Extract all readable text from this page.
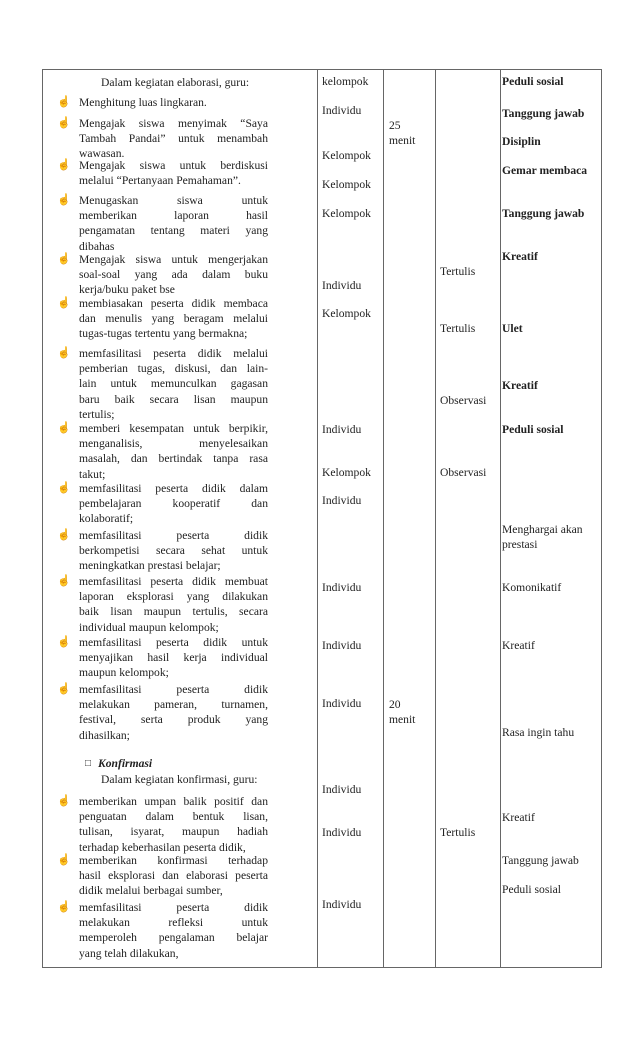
Dalam kegiatan elaborasi, guru:
☝ Menghitung luas lingkaran.
☝ Mengajak siswa menyimak “Saya
Tambah Pandai” untuk menambah
wawasan.
☝ Mengajak siswa untuk berdiskusi
melalui “Pertanyaan Pemahaman”.
☝ Menugaskan siswa untuk
memberikan laporan hasil
pengamatan tentang materi yang
dibahas
☝ Mengajak siswa untuk mengerjakan
soal-soal yang ada dalam buku
kerja/buku paket bse
☝ membiasakan peserta didik membaca
dan menulis yang beragam melalui
tugas-tugas tertentu yang bermakna;
☝ memfasilitasi peserta didik melalui
pemberian tugas, diskusi, dan lain-
lain untuk memunculkan gagasan
baru baik secara lisan maupun
tertulis;
☝ memberi kesempatan untuk berpikir,
menganalisis, menyelesaikan
masalah, dan bertindak tanpa rasa
takut;
☝ memfasilitasi peserta didik dalam
pembelajaran kooperatif dan
kolaboratif;
☝ memfasilitasi peserta didik
berkompetisi secara sehat untuk
meningkatkan prestasi belajar;
☝ memfasilitasi peserta didik membuat
laporan eksplorasi yang dilakukan
baik lisan maupun tertulis, secara
individual maupun kelompok;
☝ memfasilitasi peserta didik untuk
menyajikan hasil kerja individual
maupun kelompok;
☝ memfasilitasi peserta didik
melakukan pameran, turnamen,
festival, serta produk yang
dihasilkan;
□ Konfirmasi
Dalam kegiatan konfirmasi, guru:
☝ memberikan umpan balik positif dan
penguatan dalam bentuk lisan,
tulisan, isyarat, maupun hadiah
terhadap keberhasilan peserta didik,
☝ memberikan konfirmasi terhadap
hasil eksplorasi dan elaborasi peserta
didik melalui berbagai sumber,
☝ memfasilitasi peserta didik
melakukan refleksi untuk
memperoleh pengalaman belajar
yang telah dilakukan,
kelompok
Individu
Kelompok
Kelompok
Kelompok
Individu
Kelompok
Individu
Kelompok
Individu
Individu
Individu
Individu
Individu
Individu
Individu
25
menit
20
menit
Tertulis
Tertulis
Observasi
Observasi
Tertulis
Peduli sosial
Tanggung jawab
Disiplin
Gemar membaca
Tanggung jawab
Kreatif
Ulet
Kreatif
Peduli sosial
Menghargai akan
prestasi
Komonikatif
Kreatif
Rasa ingin tahu
Kreatif
Tanggung jawab
Peduli sosial
